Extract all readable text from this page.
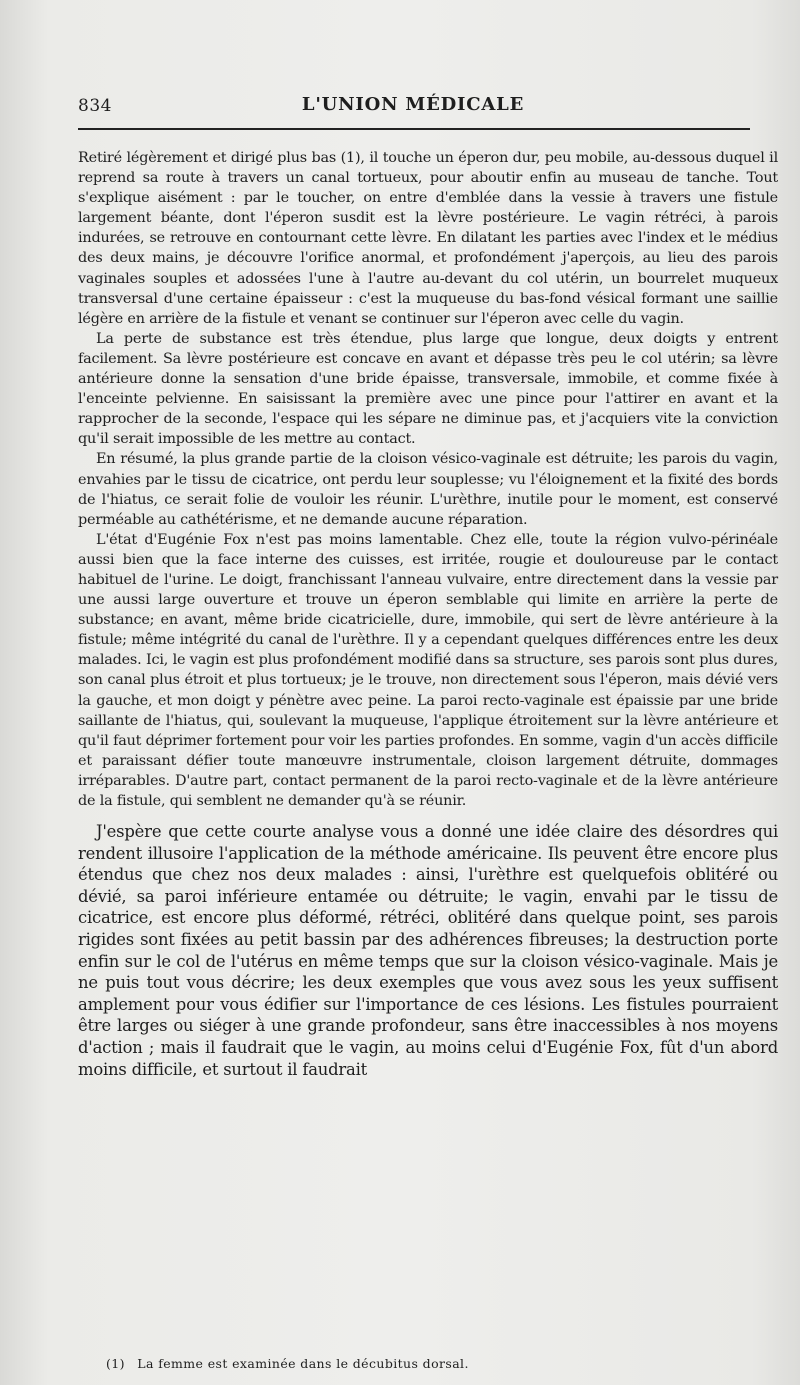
834	L'UNION MÉDICALE

Retiré légèrement et dirigé plus bas (1), il touche un éperon dur, peu mobile, au-dessous duquel il reprend sa route à travers un canal tortueux, pour aboutir enfin au museau de tanche. Tout s'explique aisément : par le toucher, on entre d'emblée dans la vessie à travers une fistule largement béante, dont l'éperon susdit est la lèvre postérieure. Le vagin rétréci, à parois indurées, se retrouve en contournant cette lèvre. En dilatant les parties avec l'index et le médius des deux mains, je découvre l'orifice anormal, et profondément j'aperçois, au lieu des parois vaginales souples et adossées l'une à l'autre au-devant du col utérin, un bourrelet muqueux transversal d'une certaine épaisseur : c'est la muqueuse du bas-fond vésical formant une saillie légère en arrière de la fistule et venant se continuer sur l'éperon avec celle du vagin.

La perte de substance est très étendue, plus large que longue, deux doigts y entrent facilement. Sa lèvre postérieure est concave en avant et dépasse très peu le col utérin; sa lèvre antérieure donne la sensation d'une bride épaisse, transversale, immobile, et comme fixée à l'enceinte pelvienne. En saisissant la première avec une pince pour l'attirer en avant et la rapprocher de la seconde, l'espace qui les sépare ne diminue pas, et j'acquiers vite la conviction qu'il serait impossible de les mettre au contact.

En résumé, la plus grande partie de la cloison vésico-vaginale est détruite; les parois du vagin, envahies par le tissu de cicatrice, ont perdu leur souplesse; vu l'éloignement et la fixité des bords de l'hiatus, ce serait folie de vouloir les réunir. L'urèthre, inutile pour le moment, est conservé perméable au cathétérisme, et ne demande aucune réparation.

L'état d'Eugénie Fox n'est pas moins lamentable. Chez elle, toute la région vulvo-périnéale aussi bien que la face interne des cuisses, est irritée, rougie et douloureuse par le contact habituel de l'urine. Le doigt, franchissant l'anneau vulvaire, entre directement dans la vessie par une aussi large ouverture et trouve un éperon semblable qui limite en arrière la perte de substance; en avant, même bride cicatricielle, dure, immobile, qui sert de lèvre antérieure à la fistule; même intégrité du canal de l'urèthre. Il y a cependant quelques différences entre les deux malades. Ici, le vagin est plus profondément modifié dans sa structure, ses parois sont plus dures, son canal plus étroit et plus tortueux; je le trouve, non directement sous l'éperon, mais dévié vers la gauche, et mon doigt y pénètre avec peine. La paroi recto-vaginale est épaissie par une bride saillante de l'hiatus, qui, soulevant la muqueuse, l'applique étroitement sur la lèvre antérieure et qu'il faut déprimer fortement pour voir les parties profondes. En somme, vagin d'un accès difficile et paraissant défier toute manœuvre instrumentale, cloison largement détruite, dommages irréparables. D'autre part, contact permanent de la paroi recto-vaginale et de la lèvre antérieure de la fistule, qui semblent ne demander qu'à se réunir.

J'espère que cette courte analyse vous a donné une idée claire des désordres qui rendent illusoire l'application de la méthode américaine. Ils peuvent être encore plus étendus que chez nos deux malades : ainsi, l'urèthre est quelquefois oblitéré ou dévié, sa paroi inférieure entamée ou détruite; le vagin, envahi par le tissu de cicatrice, est encore plus déformé, rétréci, oblitéré dans quelque point, ses parois rigides sont fixées au petit bassin par des adhérences fibreuses; la destruction porte enfin sur le col de l'utérus en même temps que sur la cloison vésico-vaginale. Mais je ne puis tout vous décrire; les deux exemples que vous avez sous les yeux suffisent amplement pour vous édifier sur l'importance de ces lésions. Les fistules pourraient être larges ou siéger à une grande profondeur, sans être inaccessibles à nos moyens d'action ; mais il faudrait que le vagin, au moins celui d'Eugénie Fox, fût d'un abord moins difficile, et surtout il faudrait

(1) La femme est examinée dans le décubitus dorsal.
